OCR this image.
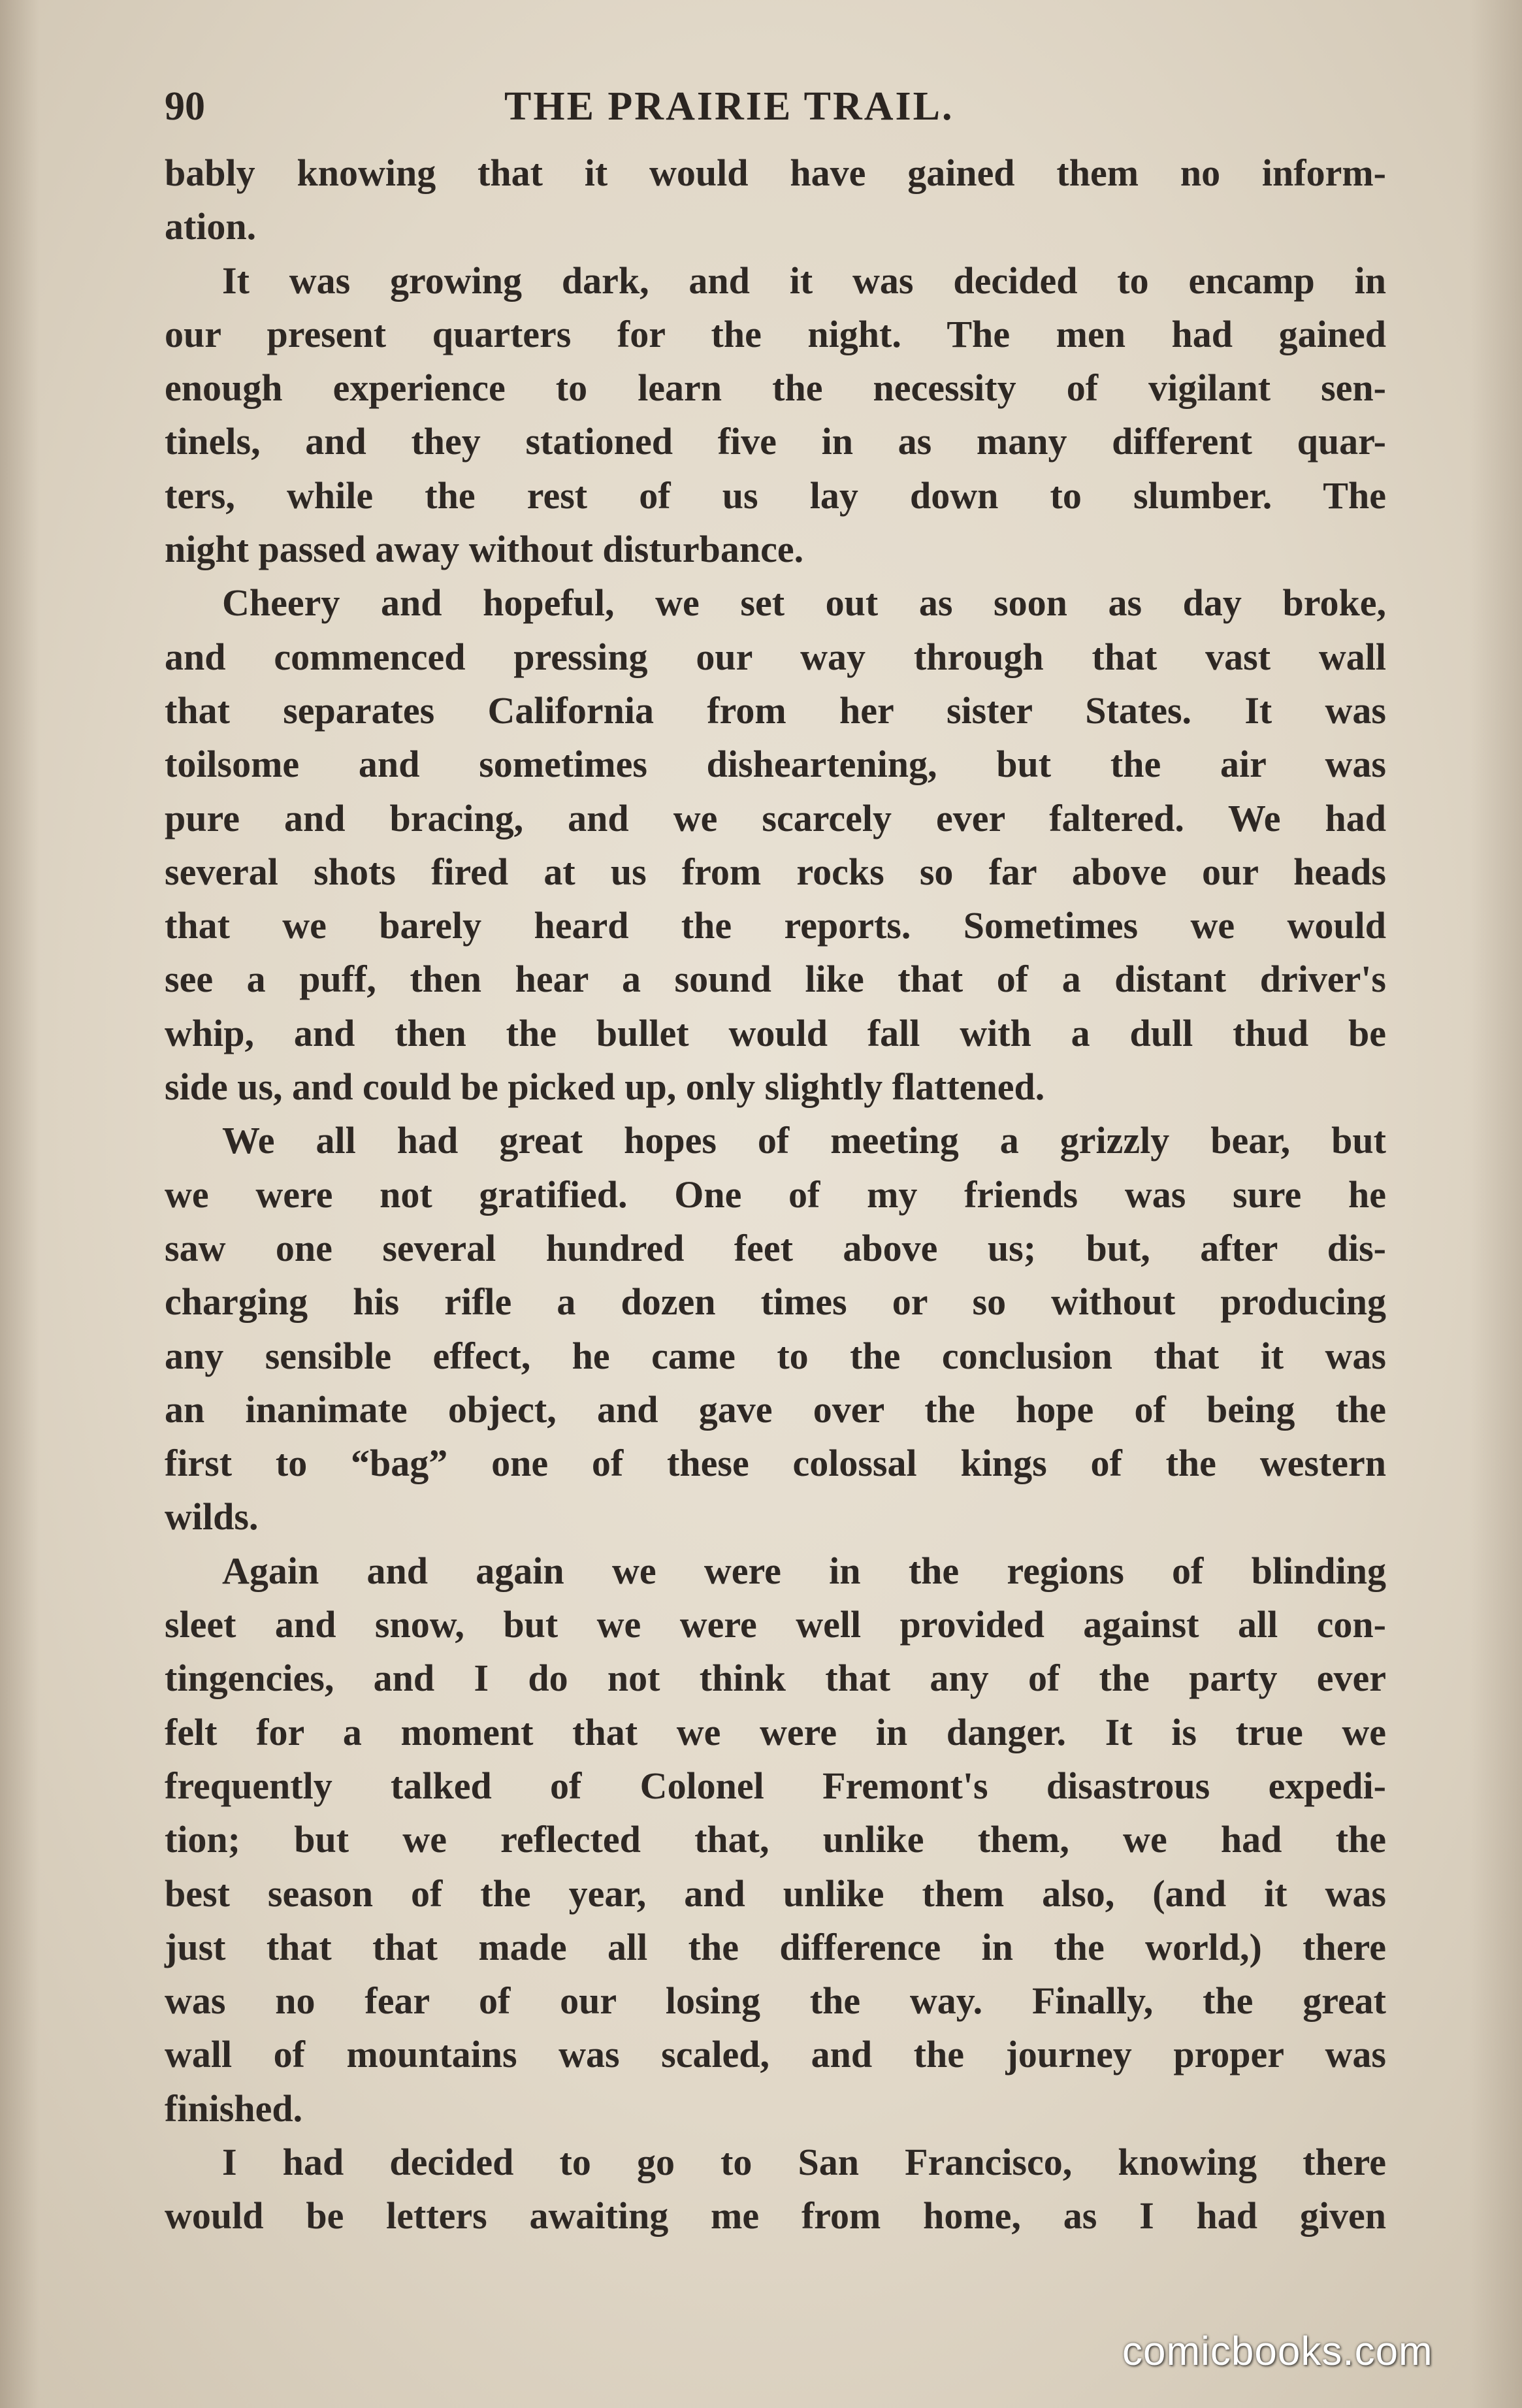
90	THE PRAIRIE TRAIL.
bably knowing that it would have gained them no inform-
ation.
It was growing dark, and it was decided to encamp in
our present quarters for the night. The men had gained
enough experience to learn the necessity of vigilant sen-
tinels, and they stationed five in as many different quar-
ters, while the rest of us lay down to slumber. The
night passed away without disturbance.
Cheery and hopeful, we set out as soon as day broke,
and commenced pressing our way through that vast wall
that separates California from her sister States. It was
toilsome and sometimes disheartening, but the air was
pure and bracing, and we scarcely ever faltered. We had
several shots fired at us from rocks so far above our heads
that we barely heard the reports. Sometimes we would
see a puff, then hear a sound like that of a distant driver's
whip, and then the bullet would fall with a dull thud be
side us, and could be picked up, only slightly flattened.
We all had great hopes of meeting a grizzly bear, but
we were not gratified. One of my friends was sure he
saw one several hundred feet above us; but, after dis-
charging his rifle a dozen times or so without producing
any sensible effect, he came to the conclusion that it was
an inanimate object, and gave over the hope of being the
first to “bag” one of these colossal kings of the western
wilds.
Again and again we were in the regions of blinding
sleet and snow, but we were well provided against all con-
tingencies, and I do not think that any of the party ever
felt for a moment that we were in danger. It is true we
frequently talked of Colonel Fremont's disastrous expedi-
tion; but we reflected that, unlike them, we had the
best season of the year, and unlike them also, (and it was
just that that made all the difference in the world,) there
was no fear of our losing the way. Finally, the great
wall of mountains was scaled, and the journey proper was
finished.
I had decided to go to San Francisco, knowing there
would be letters awaiting me from home, as I had given
comicbooks.com
